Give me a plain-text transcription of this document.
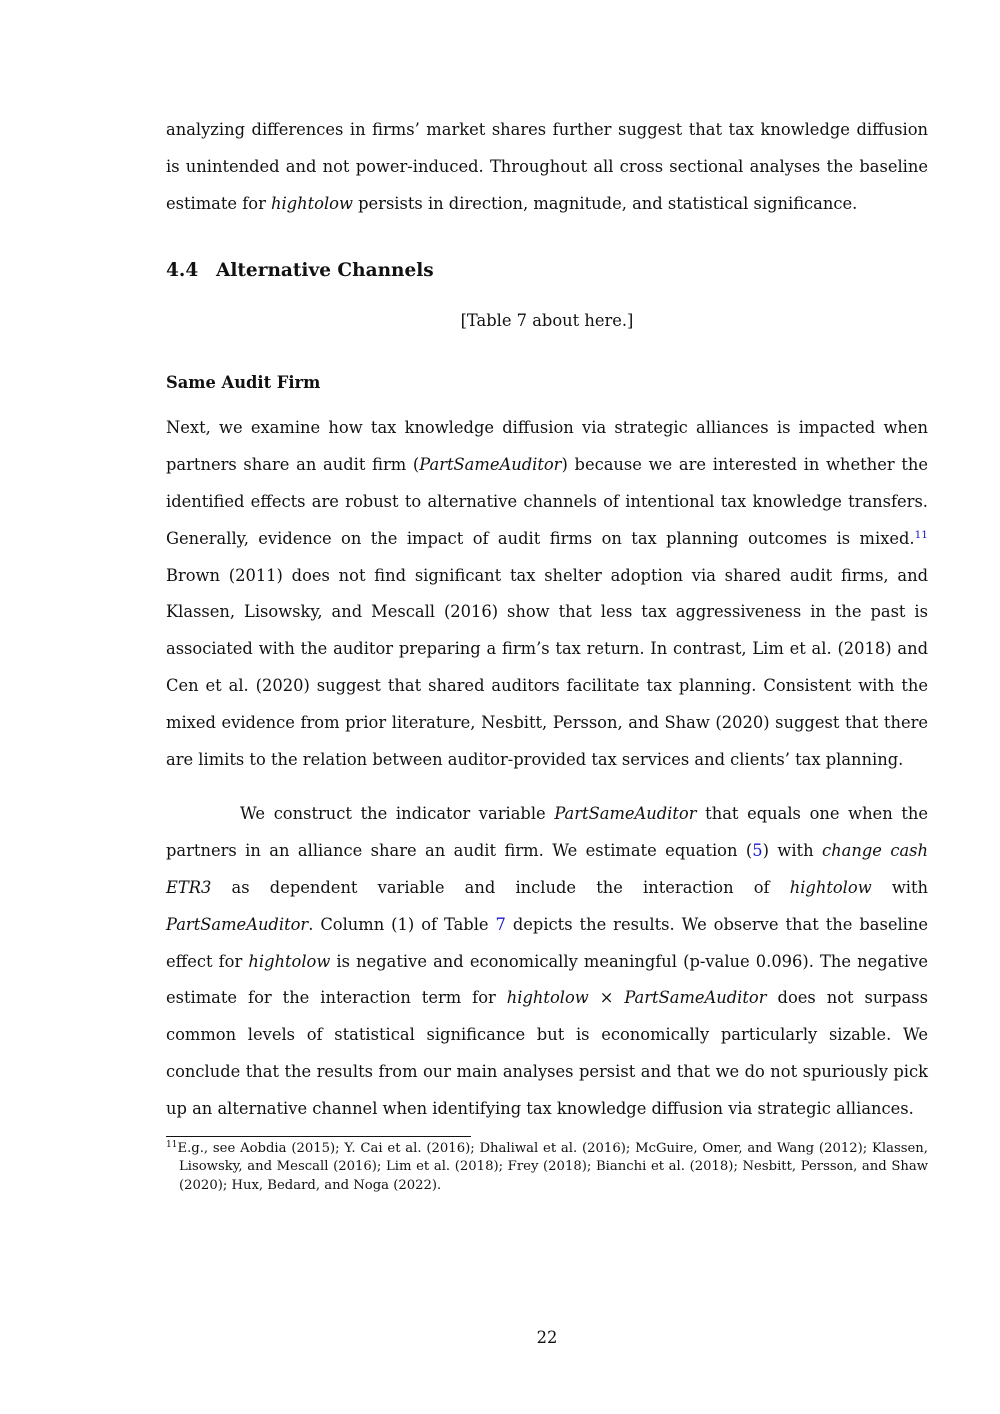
analyzing differences in firms’ market shares further suggest that tax knowledge diffusion is unintended and not power-induced. Throughout all cross sectional analyses the baseline estimate for hightolow persists in direction, magnitude, and statistical significance.

4.4 Alternative Channels
[Table 7 about here.]
Same Audit Firm

Next, we examine how tax knowledge diffusion via strategic alliances is impacted when partners share an audit firm (PartSameAuditor) because we are interested in whether the identified effects are robust to alternative channels of intentional tax knowledge transfers. Generally, evidence on the impact of audit firms on tax planning outcomes is mixed.$^{11}$ Brown (2011) does not find significant tax shelter adoption via shared audit firms, and Klassen, Lisowsky, and Mescall (2016) show that less tax aggressiveness in the past is associated with the auditor preparing a firm’s tax return. In contrast, Lim et al. (2018) and Cen et al. (2020) suggest that shared auditors facilitate tax planning. Consistent with the mixed evidence from prior literature, Nesbitt, Persson, and Shaw (2020) suggest that there are limits to the relation between auditor-provided tax services and clients’ tax planning.

We construct the indicator variable PartSameAuditor that equals one when the partners in an alliance share an audit firm. We estimate equation (5) with change cash ETR3 as dependent variable and include the interaction of hightolow with PartSameAuditor. Column (1) of Table 7 depicts the results. We observe that the baseline effect for hightolow is negative and economically meaningful (p-value 0.096). The negative estimate for the interaction term for hightolow × PartSameAuditor does not surpass common levels of statistical significance but is economically particularly sizable. We conclude that the results from our main analyses persist and that we do not spuriously pick up an alternative channel when identifying tax knowledge diffusion via strategic alliances.

$^{11}$E.g., see Aobdia (2015); Y. Cai et al. (2016); Dhaliwal et al. (2016); McGuire, Omer, and Wang (2012); Klassen, Lisowsky, and Mescall (2016); Lim et al. (2018); Frey (2018); Bianchi et al. (2018); Nesbitt, Persson, and Shaw (2020); Hux, Bedard, and Noga (2022).

22
